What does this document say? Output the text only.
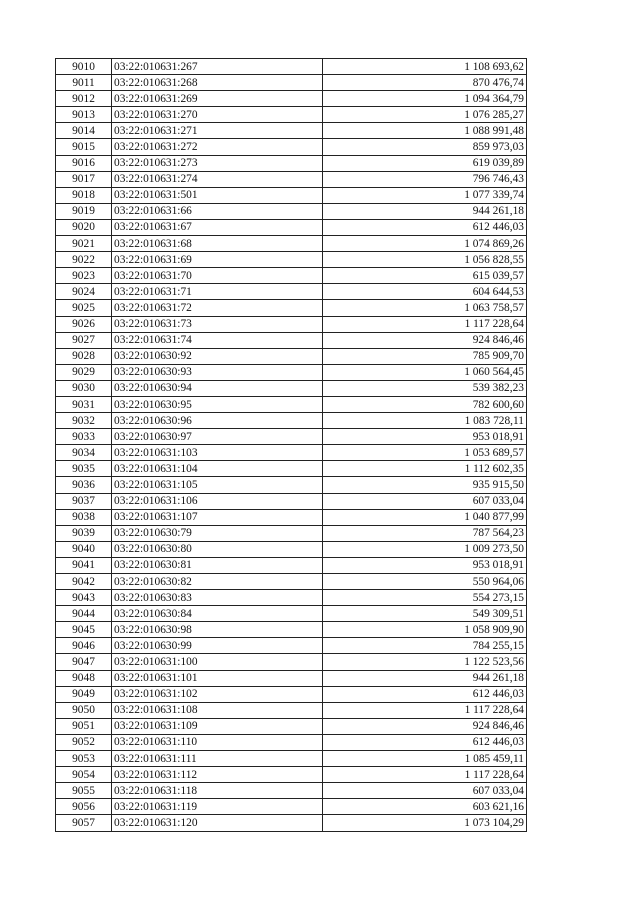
9010	03:22:010631:267	1 108 693,62
9011	03:22:010631:268	870 476,74
9012	03:22:010631:269	1 094 364,79
9013	03:22:010631:270	1 076 285,27
9014	03:22:010631:271	1 088 991,48
9015	03:22:010631:272	859 973,03
9016	03:22:010631:273	619 039,89
9017	03:22:010631:274	796 746,43
9018	03:22:010631:501	1 077 339,74
9019	03:22:010631:66	944 261,18
9020	03:22:010631:67	612 446,03
9021	03:22:010631:68	1 074 869,26
9022	03:22:010631:69	1 056 828,55
9023	03:22:010631:70	615 039,57
9024	03:22:010631:71	604 644,53
9025	03:22:010631:72	1 063 758,57
9026	03:22:010631:73	1 117 228,64
9027	03:22:010631:74	924 846,46
9028	03:22:010630:92	785 909,70
9029	03:22:010630:93	1 060 564,45
9030	03:22:010630:94	539 382,23
9031	03:22:010630:95	782 600,60
9032	03:22:010630:96	1 083 728,11
9033	03:22:010630:97	953 018,91
9034	03:22:010631:103	1 053 689,57
9035	03:22:010631:104	1 112 602,35
9036	03:22:010631:105	935 915,50
9037	03:22:010631:106	607 033,04
9038	03:22:010631:107	1 040 877,99
9039	03:22:010630:79	787 564,23
9040	03:22:010630:80	1 009 273,50
9041	03:22:010630:81	953 018,91
9042	03:22:010630:82	550 964,06
9043	03:22:010630:83	554 273,15
9044	03:22:010630:84	549 309,51
9045	03:22:010630:98	1 058 909,90
9046	03:22:010630:99	784 255,15
9047	03:22:010631:100	1 122 523,56
9048	03:22:010631:101	944 261,18
9049	03:22:010631:102	612 446,03
9050	03:22:010631:108	1 117 228,64
9051	03:22:010631:109	924 846,46
9052	03:22:010631:110	612 446,03
9053	03:22:010631:111	1 085 459,11
9054	03:22:010631:112	1 117 228,64
9055	03:22:010631:118	607 033,04
9056	03:22:010631:119	603 621,16
9057	03:22:010631:120	1 073 104,29
